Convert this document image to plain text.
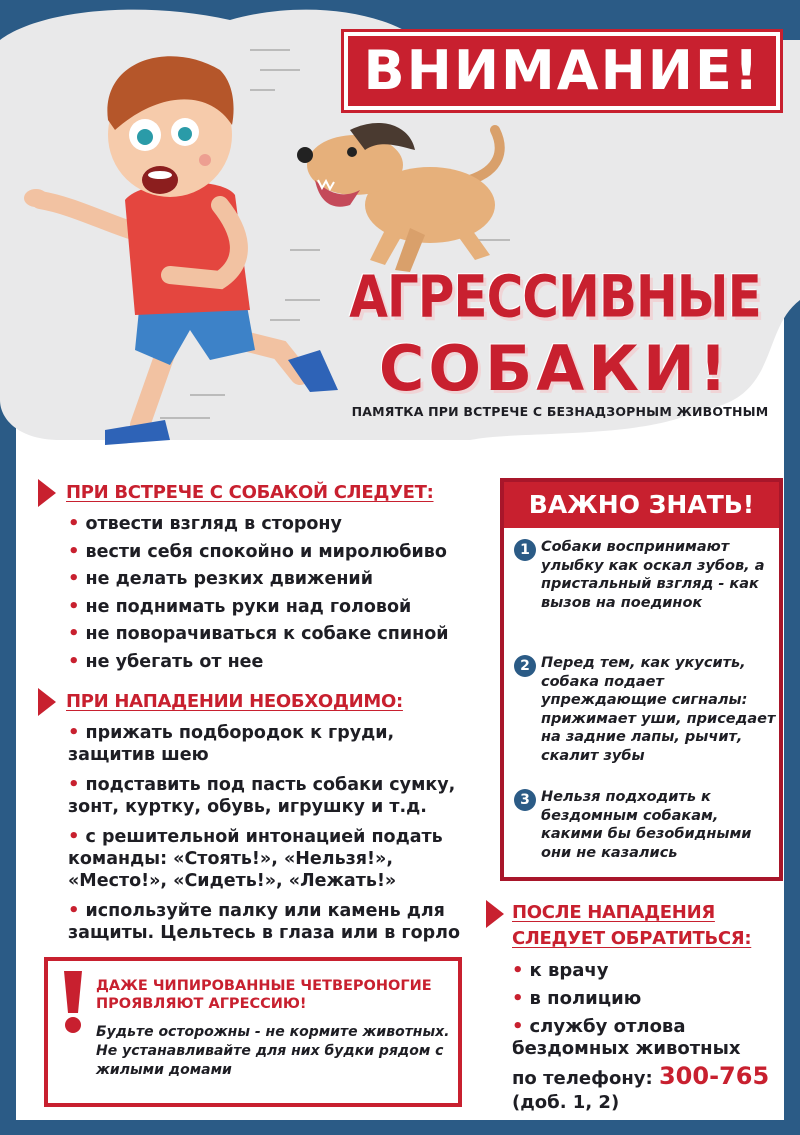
ВНИМАНИЕ!
АГРЕССИВНЫЕ
СОБАКИ!
ПАМЯТКА ПРИ ВСТРЕЧЕ С БЕЗНАДЗОРНЫМ ЖИВОТНЫМ
ПРИ ВСТРЕЧЕ С СОБАКОЙ СЛЕДУЕТ:
• отвести взгляд в сторону
• вести себя спокойно и миролюбиво
• не делать резких движений
• не поднимать руки над головой
• не поворачиваться к собаке спиной
• не убегать от нее
ПРИ НАПАДЕНИИ НЕОБХОДИМО:
• прижать подбородок к груди, защитив шею
• подставить под пасть собаки сумку, зонт, куртку, обувь, игрушку и т.д.
• с решительной интонацией подать команды: «Стоять!», «Нельзя!», «Место!», «Сидеть!», «Лежать!»
• используйте палку или камень для защиты. Цельтесь в глаза или в горло
ДАЖЕ ЧИПИРОВАННЫЕ ЧЕТВЕРОНОГИЕ ПРОЯВЛЯЮТ АГРЕССИЮ!
Будьте осторожны - не кормите животных. Не устанавливайте для них будки рядом с жилыми домами
ВАЖНО ЗНАТЬ!
1 Собаки воспринимают улыбку как оскал зубов, а пристальный взгляд - как вызов на поединок
2 Перед тем, как укусить, собака подает упреждающие сигналы: прижимает уши, приседает на задние лапы, рычит, скалит зубы
3 Нельзя подходить к бездомным собакам, какими бы безобидными они не казались
ПОСЛЕ НАПАДЕНИЯ
СЛЕДУЕТ ОБРАТИТЬСЯ:
• к врачу
• в полицию
• службу отлова бездомных животных
по телефону: 300-765
(доб. 1, 2)
